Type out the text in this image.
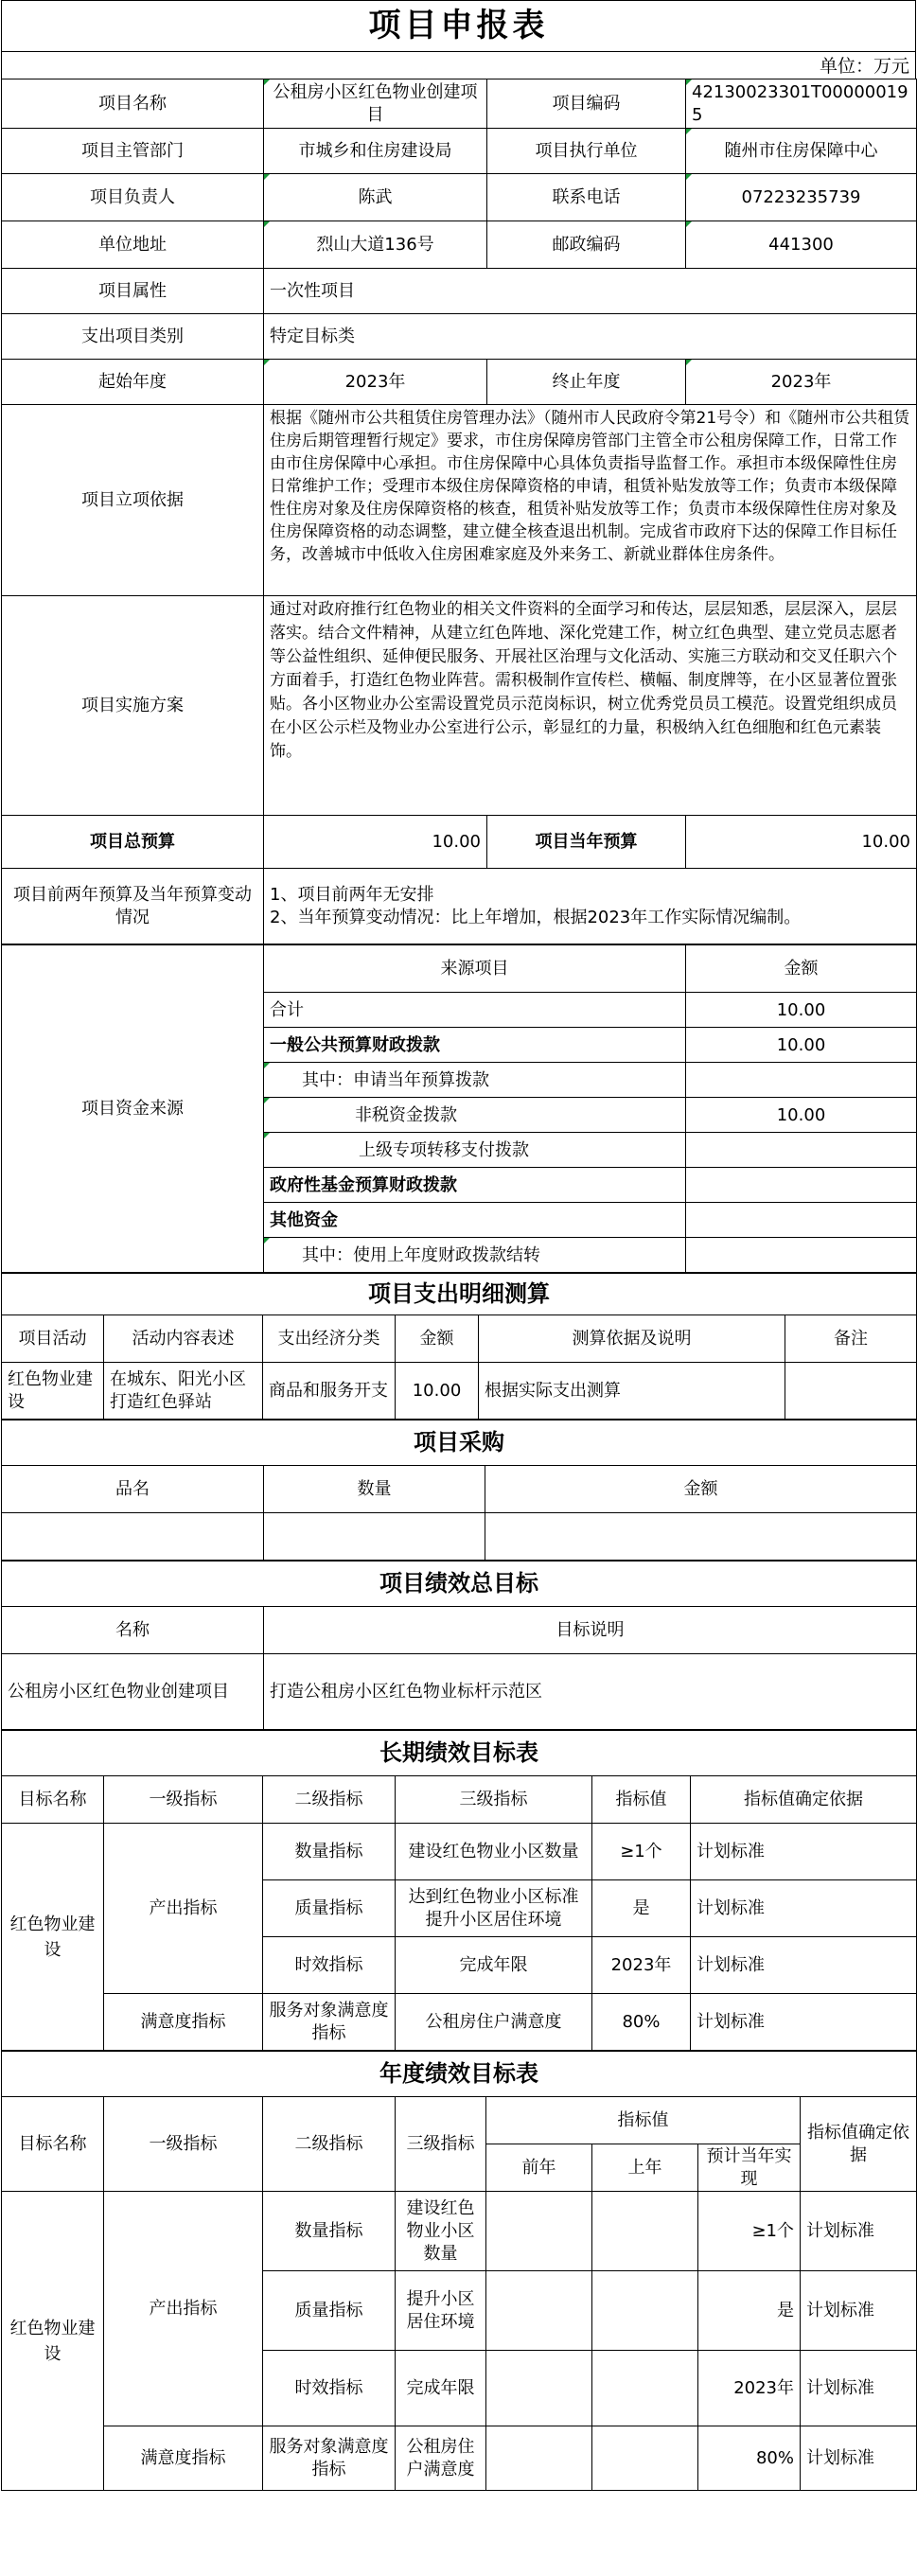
项目申报表
单位：万元
项目名称	公租房小区红色物业创建项目	项目编码	42130023301T000000195
项目主管部门	市城乡和住房建设局	项目执行单位	随州市住房保障中心
项目负责人	陈武	联系电话	07223235739
单位地址	烈山大道136号	邮政编码	441300
项目属性	一次性项目		
支出项目类别	特定目标类		
起始年度	2023年	终止年度	2023年
项目立项依据	根据《随州市公共租赁住房管理办法》（随州市人民政府令第21号令）和《随州市公共租赁住房后期管理暂行规定》要求，市住房保障房管部门主管全市公租房保障工作，日常工作由市住房保障中心承担。市住房保障中心具体负责指导监督工作。承担市本级保障性住房日常维护工作；受理市本级住房保障资格的申请，租赁补贴发放等工作；负责市本级保障性住房对象及住房保障资格的核查，租赁补贴发放等工作；负责市本级保障性住房对象及住房保障资格的动态调整，建立健全核查退出机制。完成省市政府下达的保障工作目标任务，改善城市中低收入住房困难家庭及外来务工、新就业群体住房条件。		
项目实施方案	通过对政府推行红色物业的相关文件资料的全面学习和传达，层层知悉，层层深入，层层落实。结合文件精神，从建立红色阵地、深化党建工作，树立红色典型、建立党员志愿者等公益性组织、延伸便民服务、开展社区治理与文化活动、实施三方联动和交叉任职六个方面着手，打造红色物业阵营。需积极制作宣传栏、横幅、制度牌等，在小区显著位置张贴。各小区物业办公室需设置党员示范岗标识，树立优秀党员员工模范。设置党组织成员在小区公示栏及物业办公室进行公示，彰显红的力量，积极纳入红色细胞和红色元素装饰。		
项目总预算	10.00	项目当年预算	10.00
项目前两年预算及当年预算变动情况	1、项目前两年无安排
2、当年预算变动情况：比上年增加，根据2023年工作实际情况编制。		
项目资金来源	来源项目	金额
	合计	10.00
	一般公共预算财政拨款	10.00
	其中：申请当年预算拨款	
	非税资金拨款	10.00
	上级专项转移支付拨款	
	政府性基金预算财政拨款	
	其他资金	
	其中：使用上年度财政拨款结转	
项目支出明细测算					
项目活动	活动内容表述	支出经济分类	金额	测算依据及说明	备注
红色物业建设	在城东、阳光小区打造红色驿站	商品和服务开支	10.00	根据实际支出测算	
项目采购		
品名	数量	金额

项目绩效总目标	
名称	目标说明
公租房小区红色物业创建项目	打造公租房小区红色物业标杆示范区
长期绩效目标表					
目标名称	一级指标	二级指标	三级指标	指标值	指标值确定依据
红色物业建设	产出指标	数量指标	建设红色物业小区数量	≥1个	计划标准
		质量指标	达到红色物业小区标准提升小区居住环境	是	计划标准
		时效指标	完成年限	2023年	计划标准
	满意度指标	服务对象满意度指标	公租房住户满意度	80%	计划标准
年度绩效目标表							
目标名称	一级指标	二级指标	三级指标	指标值			指标值确定依据
				前年	上年	预计当年实现	
红色物业建设	产出指标	数量指标	建设红色物业小区数量			≥1个	计划标准
		质量指标	提升小区居住环境			是	计划标准
		时效指标	完成年限			2023年	计划标准
	满意度指标	服务对象满意度指标	公租房住户满意度			80%	计划标准
